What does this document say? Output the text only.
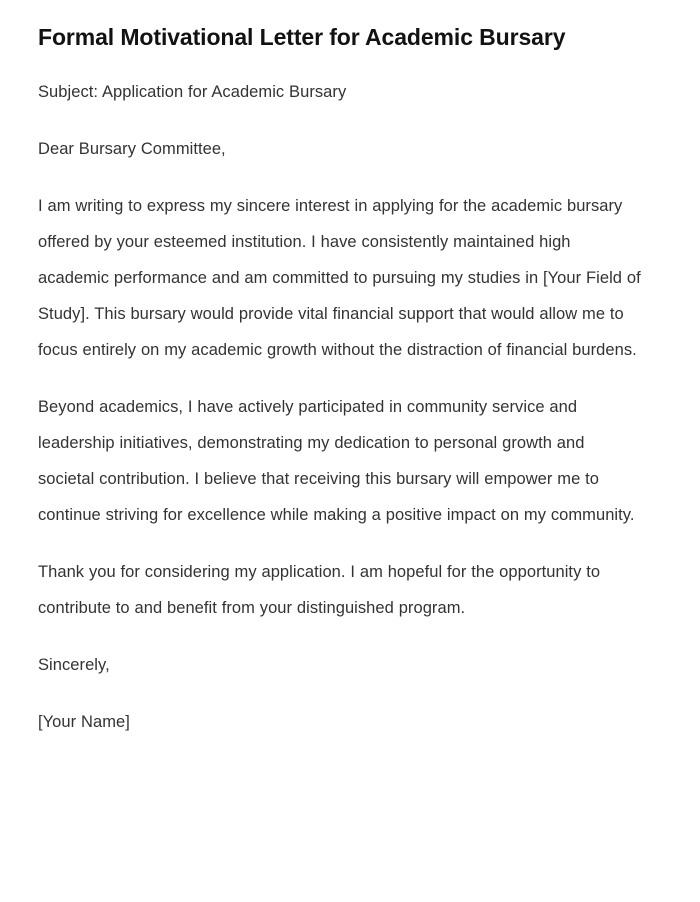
Formal Motivational Letter for Academic Bursary

Subject: Application for Academic Bursary

Dear Bursary Committee,

I am writing to express my sincere interest in applying for the academic bursary offered by your esteemed institution. I have consistently maintained high academic performance and am committed to pursuing my studies in [Your Field of Study]. This bursary would provide vital financial support that would allow me to focus entirely on my academic growth without the distraction of financial burdens.

Beyond academics, I have actively participated in community service and leadership initiatives, demonstrating my dedication to personal growth and societal contribution. I believe that receiving this bursary will empower me to continue striving for excellence while making a positive impact on my community.

Thank you for considering my application. I am hopeful for the opportunity to contribute to and benefit from your distinguished program.

Sincerely,

[Your Name]
